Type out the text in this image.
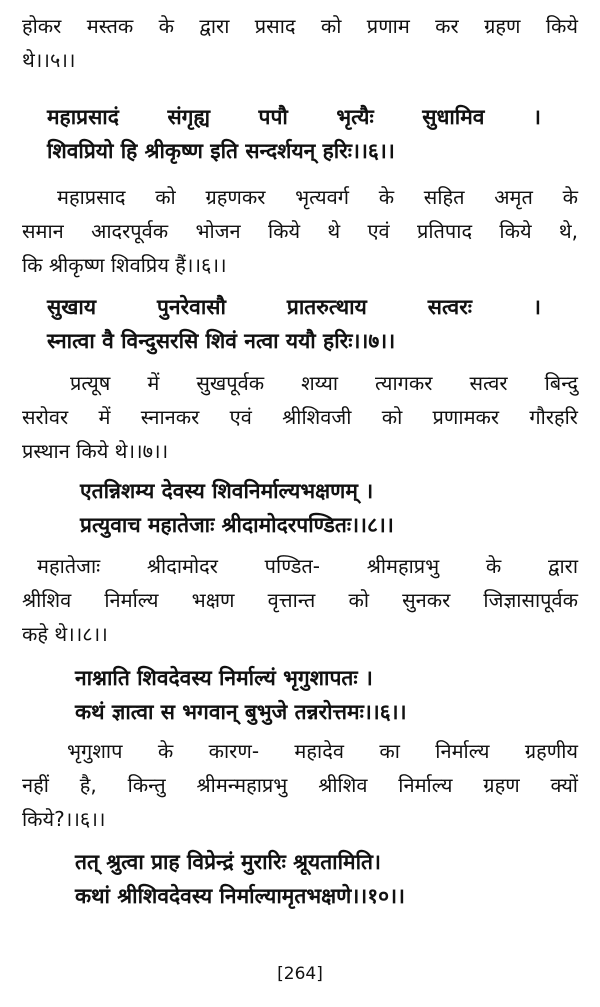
होकर मस्तक के द्वारा प्रसाद को प्रणाम कर ग्रहण किये
थे।।५।।
महाप्रसादं संगृह्य पपौ भृत्यैः सुधामिव ।
शिवप्रियो हि श्रीकृष्ण इति सन्दर्शयन् हरिः।।६।।
महाप्रसाद को ग्रहणकर भृत्यवर्ग के सहित अमृत के
समान आदरपूर्वक भोजन किये थे एवं प्रतिपाद किये थे,
कि श्रीकृष्ण शिवप्रिय हैं।।६।।
सुखाय पुनरेवासौ प्रातरुत्थाय सत्वरः ।
स्नात्वा वै विन्दुसरसि शिवं नत्वा ययौ हरिः।।७।।
प्रत्यूष में सुखपूर्वक शय्या त्यागकर सत्वर बिन्दु
सरोवर में स्नानकर एवं श्रीशिवजी को प्रणामकर गौरहरि
प्रस्थान किये थे।।७।।
एतन्निशम्य देवस्य शिवनिर्माल्यभक्षणम् ।
प्रत्युवाच महातेजाः श्रीदामोदरपण्डितः।।८।।
महातेजाः श्रीदामोदर पण्डित- श्रीमहाप्रभु के द्वारा
श्रीशिव निर्माल्य भक्षण वृत्तान्त को सुनकर जिज्ञासापूर्वक
कहे थे।।८।।
नाश्नाति शिवदेवस्य निर्माल्यं भृगुशापतः ।
कथं ज्ञात्वा स भगवान् बुभुजे तन्नरोत्तमः।।६।।
भृगुशाप के कारण- महादेव का निर्माल्य ग्रहणीय
नहीं है, किन्तु श्रीमन्महाप्रभु श्रीशिव निर्माल्य ग्रहण क्यों
किये?।।६।।
तत् श्रुत्वा प्राह विप्रेन्द्रं मुरारिः श्रूयतामिति।
कथां श्रीशिवदेवस्य निर्माल्यामृतभक्षणे।।१०।।
[264]
